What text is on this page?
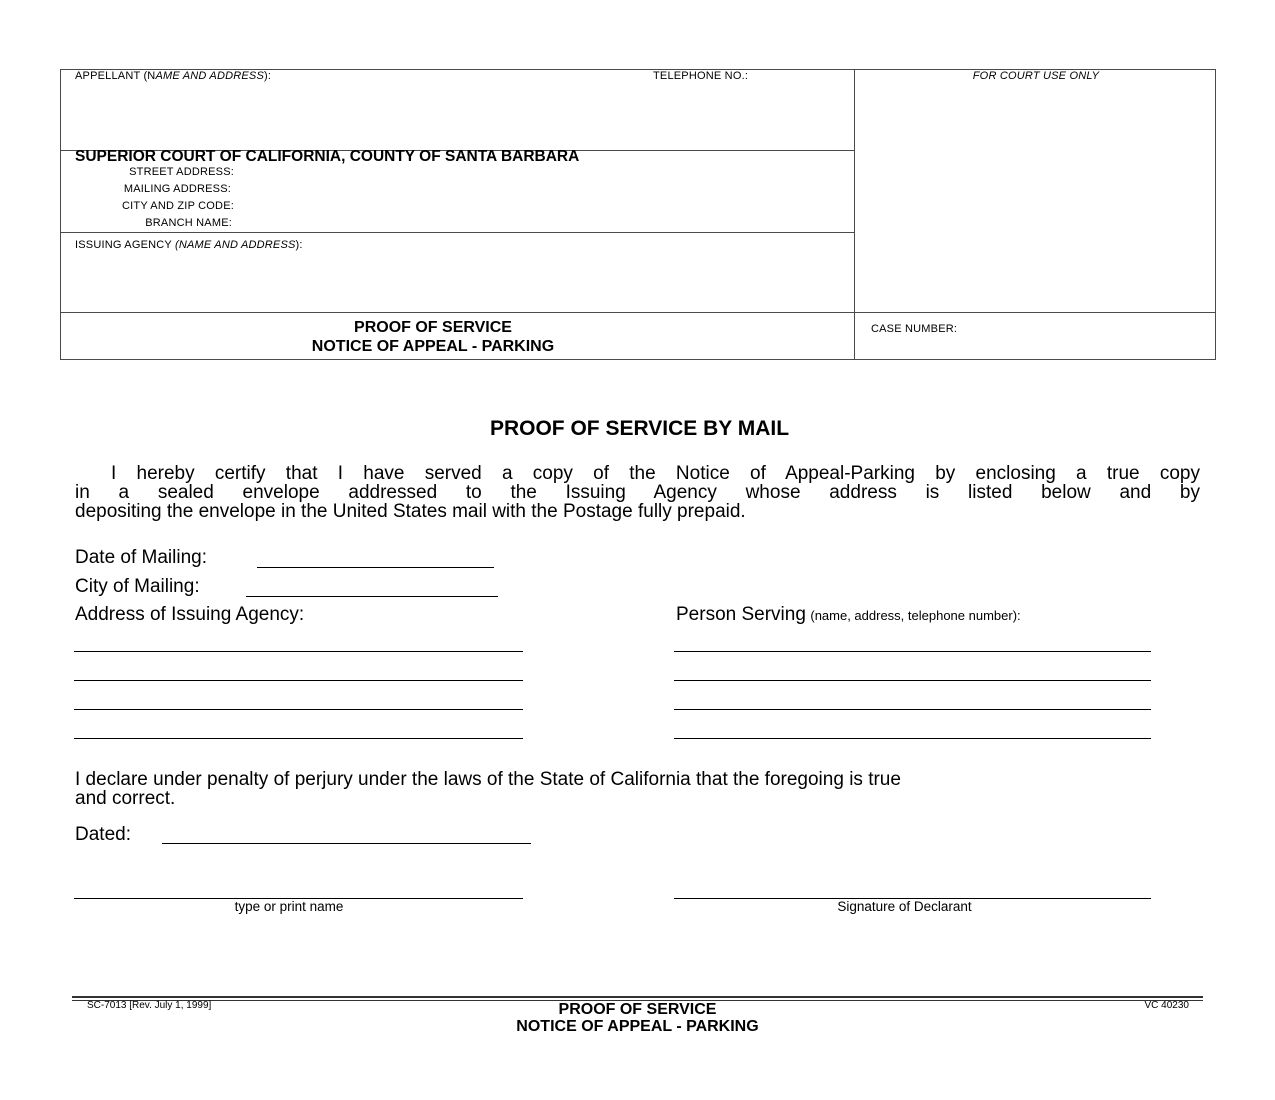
APPELLANT (NAME AND ADDRESS):	TELEPHONE NO.:	FOR COURT USE ONLY
SUPERIOR COURT OF CALIFORNIA, COUNTY OF SANTA BARBARA
STREET ADDRESS:
MAILING ADDRESS:
CITY AND ZIP CODE:
BRANCH NAME:
ISSUING AGENCY (NAME AND ADDRESS):
PROOF OF SERVICE
NOTICE OF APPEAL - PARKING
CASE NUMBER:
PROOF OF SERVICE BY MAIL
I hereby certify that I have served a copy of the Notice of Appeal-Parking by enclosing a true copy
in a sealed envelope addressed to the Issuing Agency whose address is listed below and by
depositing the envelope in the United States mail with the Postage fully prepaid.
Date of Mailing:
City of Mailing:
Address of Issuing Agency:	Person Serving (name, address, telephone number):
I declare under penalty of perjury under the laws of the State of California that the foregoing is true
and correct.
Dated:
type or print name	Signature of Declarant
SC-7013 [Rev. July 1, 1999]	VC 40230
PROOF OF SERVICE
NOTICE OF APPEAL - PARKING
